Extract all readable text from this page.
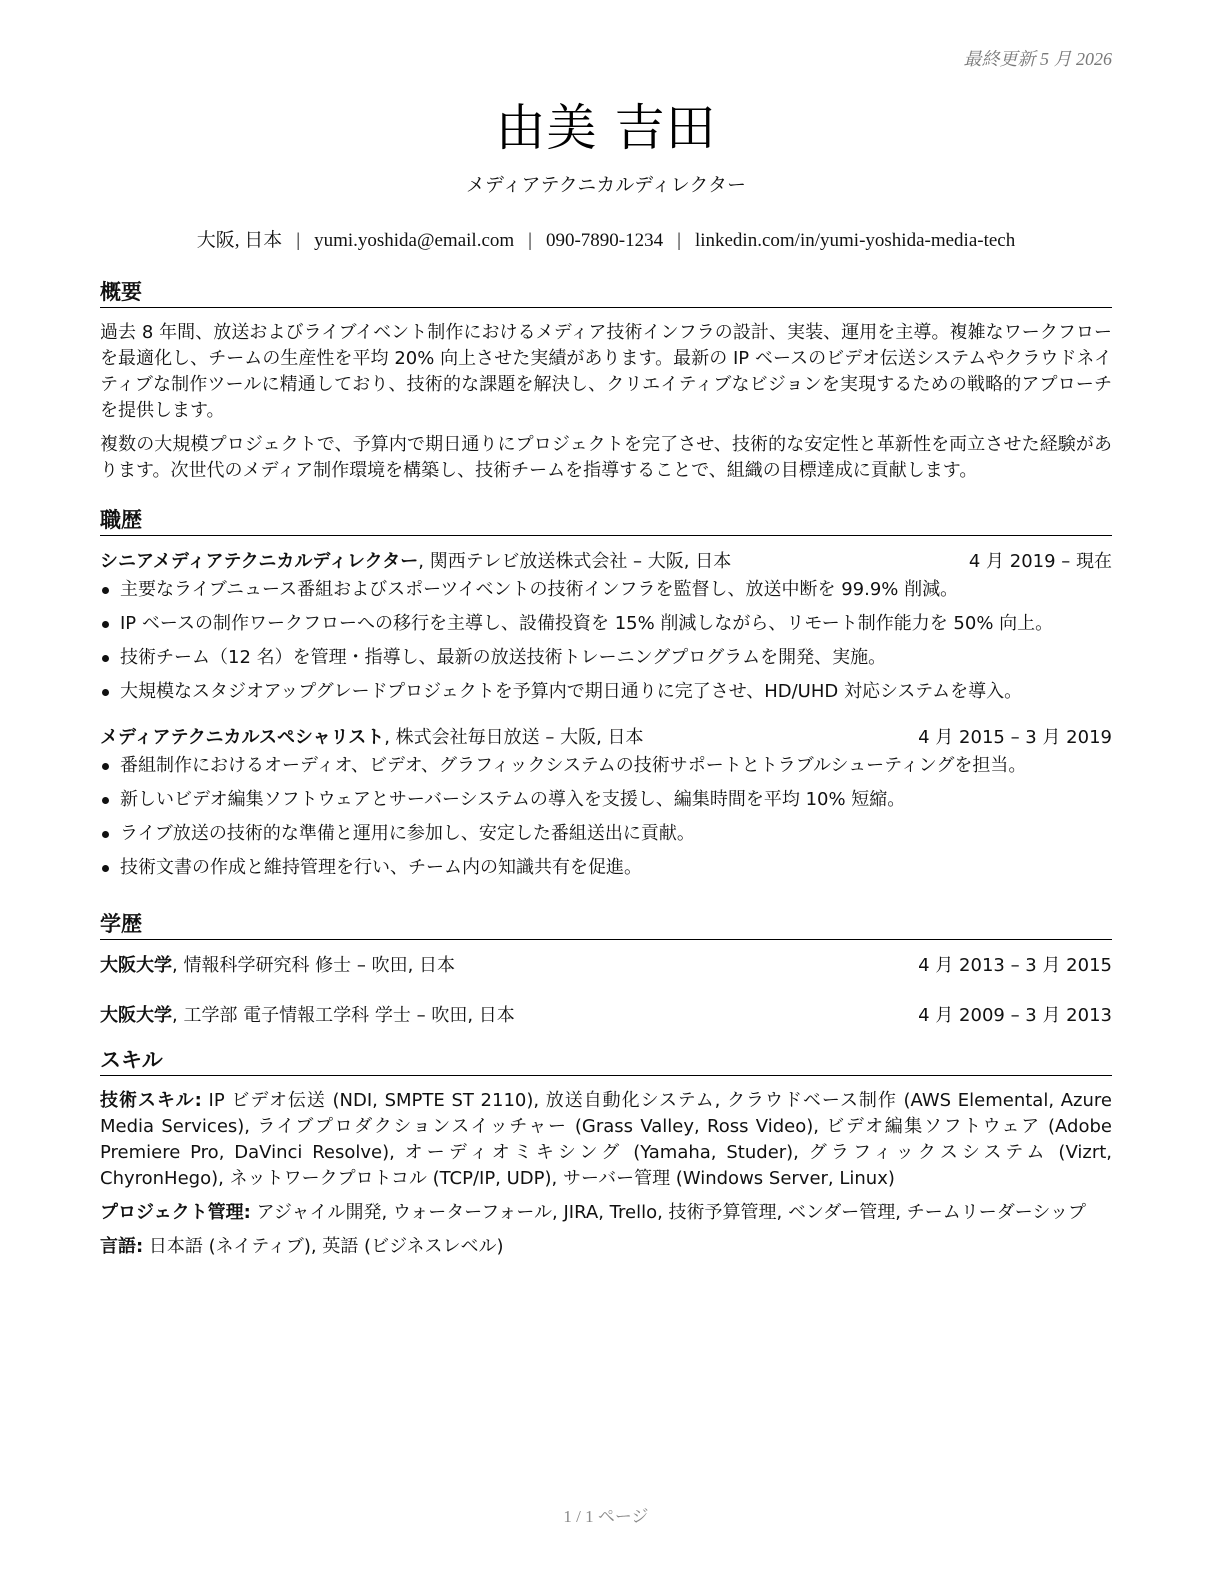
最終更新 5 月 2026
由美 吉田
メディアテクニカルディレクター
大阪, 日本 | yumi.yoshida@email.com | 090-7890-1234 | linkedin.com/in/yumi-yoshida-media-tech
概要

過去 8 年間、放送およびライブイベント制作におけるメディア技術インフラの設計、実装、運用を主導。複雑なワークフローを最適化し、チームの生産性を平均 20% 向上させた実績があります。最新の IP ベースのビデオ伝送システムやクラウドネイティブな制作ツールに精通しており、技術的な課題を解決し、クリエイティブなビジョンを実現するための戦略的アプローチを提供します。

複数の大規模プロジェクトで、予算内で期日通りにプロジェクトを完了させ、技術的な安定性と革新性を両立させた経験があります。次世代のメディア制作環境を構築し、技術チームを指導することで、組織の目標達成に貢献します。

職歴
シニアメディアテクニカルディレクター, 関西テレビ放送株式会社 – 大阪, 日本	4 月 2019 – 現在
主要なライブニュース番組およびスポーツイベントの技術インフラを監督し、放送中断を 99.9% 削減。
IP ベースの制作ワークフローへの移行を主導し、設備投資を 15% 削減しながら、リモート制作能力を 50% 向上。
技術チーム（12 名）を管理・指導し、最新の放送技術トレーニングプログラムを開発、実施。
大規模なスタジオアップグレードプロジェクトを予算内で期日通りに完了させ、HD/UHD 対応システムを導入。
メディアテクニカルスペシャリスト, 株式会社毎日放送 – 大阪, 日本	4 月 2015 – 3 月 2019
番組制作におけるオーディオ、ビデオ、グラフィックシステムの技術サポートとトラブルシューティングを担当。
新しいビデオ編集ソフトウェアとサーバーシステムの導入を支援し、編集時間を平均 10% 短縮。
ライブ放送の技術的な準備と運用に参加し、安定した番組送出に貢献。
技術文書の作成と維持管理を行い、チーム内の知識共有を促進。
学歴
大阪大学, 情報科学研究科 修士 – 吹田, 日本	4 月 2013 – 3 月 2015
大阪大学, 工学部 電子情報工学科 学士 – 吹田, 日本	4 月 2009 – 3 月 2013
スキル

技術スキル: IP ビデオ伝送 (NDI, SMPTE ST 2110), 放送自動化システム, クラウドベース制作 (AWS Elemental, Azure Media Services), ライブプロダクションスイッチャー (Grass Valley, Ross Video), ビデオ編集ソフトウェア (Adobe Premiere Pro, DaVinci Resolve), オーディオミキシング (Yamaha, Studer), グラフィックスシステム (Vizrt, ChyronHego), ネットワークプロトコル (TCP/IP, UDP), サーバー管理 (Windows Server, Linux)

プロジェクト管理: アジャイル開発, ウォーターフォール, JIRA, Trello, 技術予算管理, ベンダー管理, チームリーダーシップ

言語: 日本語 (ネイティブ), 英語 (ビジネスレベル)

1 / 1 ページ
